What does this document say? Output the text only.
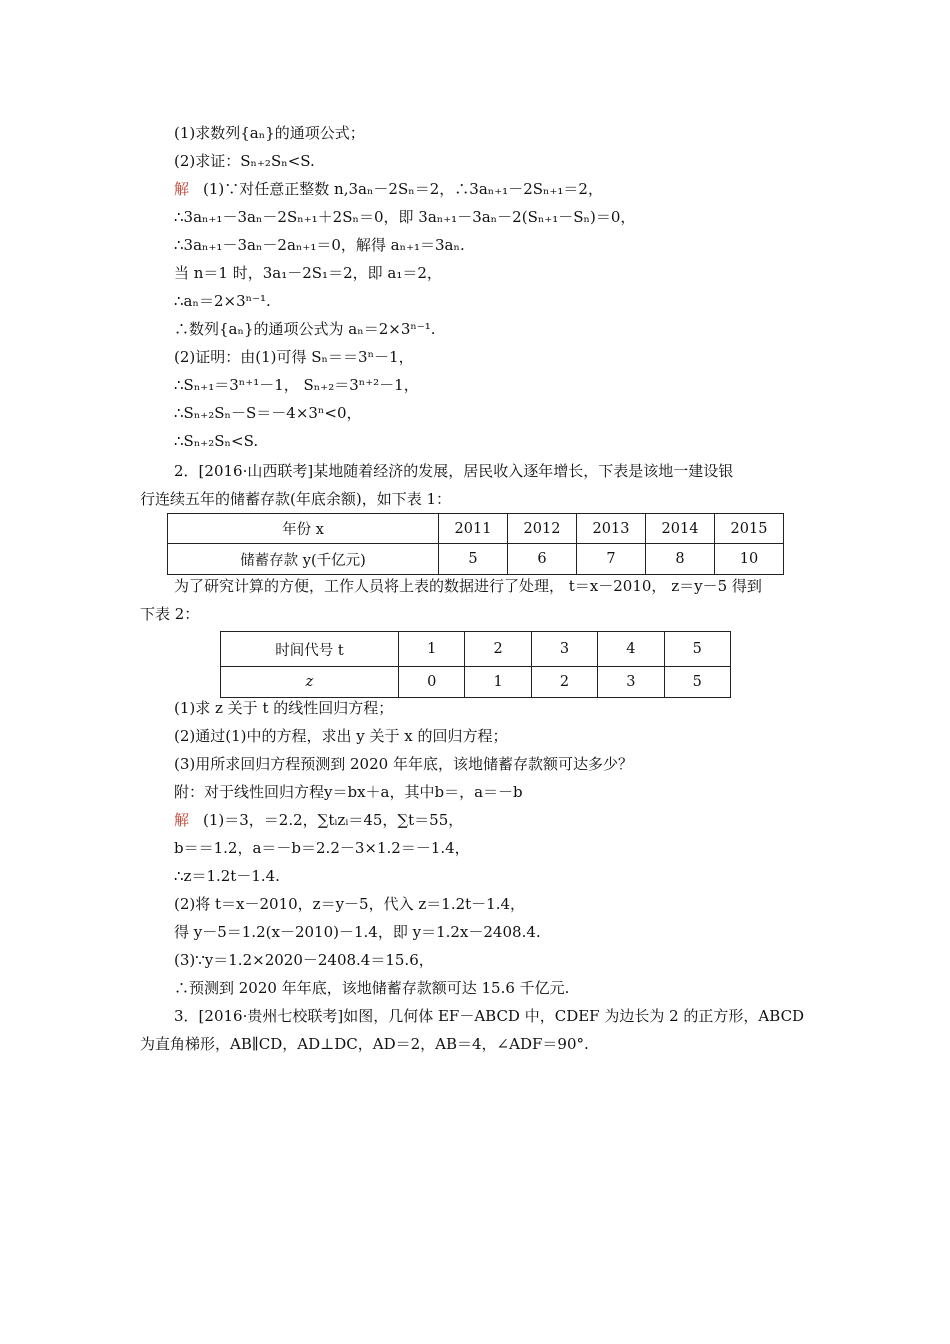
(1)求数列{aₙ}的通项公式；
(2)求证：Sₙ₊₂Sₙ<S.
解 (1)∵对任意正整数 n,3aₙ－2Sₙ＝2，∴3aₙ₊₁－2Sₙ₊₁＝2，
∴3aₙ₊₁－3aₙ－2Sₙ₊₁＋2Sₙ＝0，即 3aₙ₊₁－3aₙ－2(Sₙ₊₁－Sₙ)＝0，
∴3aₙ₊₁－3aₙ－2aₙ₊₁＝0，解得 aₙ₊₁＝3aₙ.
当 n＝1 时，3a₁－2S₁＝2，即 a₁＝2，
∴aₙ＝2×3ⁿ⁻¹.
∴数列{aₙ}的通项公式为 aₙ＝2×3ⁿ⁻¹.
(2)证明：由(1)可得 Sₙ＝＝3ⁿ－1，
∴Sₙ₊₁＝3ⁿ⁺¹－1， Sₙ₊₂＝3ⁿ⁺²－1，
∴Sₙ₊₂Sₙ－S＝－4×3ⁿ<0，
∴Sₙ₊₂Sₙ<S.
2．[2016·山西联考]某地随着经济的发展，居民收入逐年增长，下表是该地一建设银
行连续五年的储蓄存款(年底余额)，如下表 1：
年份 x	2011	2012	2013	2014	2015
储蓄存款 y(千亿元)	5	6	7	8	10
为了研究计算的方便，工作人员将上表的数据进行了处理， t＝x－2010， z＝y－5 得到
下表 2：
时间代号 t	1	2	3	4	5
z	0	1	2	3	5
(1)求 z 关于 t 的线性回归方程；
(2)通过(1)中的方程，求出 y 关于 x 的回归方程；
(3)用所求回归方程预测到 2020 年年底，该地储蓄存款额可达多少？
附：对于线性回归方程y＝bx＋a，其中b＝，a＝－b
解 (1)＝3，＝2.2，∑tᵢzᵢ＝45，∑t＝55，
b＝＝1.2，a＝－b＝2.2－3×1.2＝－1.4，
∴z＝1.2t－1.4.
(2)将 t＝x－2010，z＝y－5，代入 z＝1.2t－1.4，
得 y－5＝1.2(x－2010)－1.4，即 y＝1.2x－2408.4.
(3)∵y＝1.2×2020－2408.4＝15.6，
∴预测到 2020 年年底，该地储蓄存款额可达 15.6 千亿元.
3．[2016·贵州七校联考]如图，几何体 EF－ABCD 中，CDEF 为边长为 2 的正方形，ABCD
为直角梯形，AB∥CD，AD⊥DC，AD＝2，AB＝4，∠ADF＝90°.
